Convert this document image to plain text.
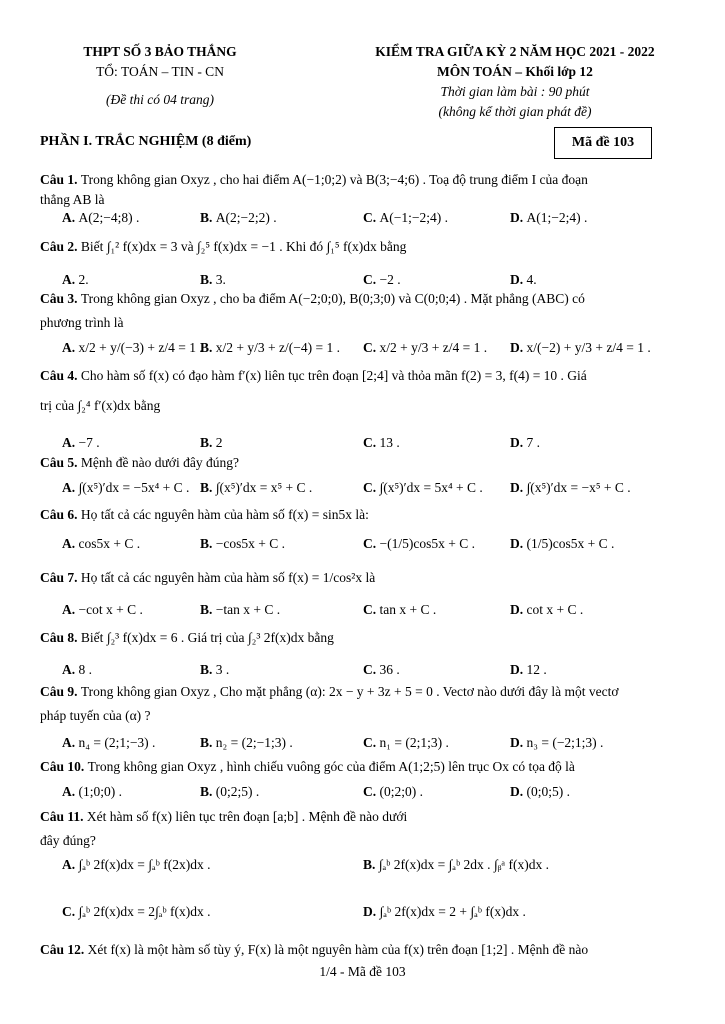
THPT SỐ 3 BẢO THẮNG
TỔ: TOÁN – TIN - CN
(Đề thi có 04 trang)
KIỂM TRA GIỮA KỲ 2 NĂM HỌC 2021 - 2022
MÔN TOÁN – Khối lớp 12
Thời gian làm bài : 90 phút
(không kể thời gian phát đề)
PHẦN I. TRẮC NGHIỆM (8 điểm)	Mã đề 103
Câu 1. Trong không gian Oxyz , cho hai điểm A(−1;0;2) và B(3;−4;6) . Toạ độ trung điểm I của đoạn
thẳng AB là
A. A(2;−4;8) .	B. A(2;−2;2) .	C. A(−1;−2;4) .	D. A(1;−2;4) .
Câu 2. Biết ∫₁² f(x)dx = 3 và ∫₂⁵ f(x)dx = −1 . Khi đó ∫₁⁵ f(x)dx bằng
A. 2.	B. 3.	C. −2 .	D. 4.
Câu 3. Trong không gian Oxyz , cho ba điểm A(−2;0;0), B(0;3;0) và C(0;0;4) . Mặt phẳng (ABC) có
phương trình là
A. x/2 + y/(−3) + z/4 = 1 .
B. x/2 + y/3 + z/(−4) = 1 . C. x/2 + y/3 + z/4 = 1 . D. x/(−2) + y/3 + z/4 = 1 .
Câu 4. Cho hàm số f(x) có đạo hàm f′(x) liên tục trên đoạn [2;4] và thỏa mãn f(2) = 3, f(4) = 10 . Giá
trị của ∫₂⁴ f′(x)dx bằng
A. −7 .	B. 2	C. 13 .	D. 7 .
Câu 5. Mệnh đề nào dưới đây đúng?
A. ∫(x⁵)′dx = −5x⁴ + C . B. ∫(x⁵)′dx = x⁵ + C .	C. ∫(x⁵)′dx = 5x⁴ + C . D. ∫(x⁵)′dx = −x⁵ + C .
Câu 6. Họ tất cả các nguyên hàm của hàm số f(x) = sin5x là:
A. cos5x + C .	B. −cos5x + C .	C. −(1/5)cos5x + C .	D. (1/5)cos5x + C .
Câu 7. Họ tất cả các nguyên hàm của hàm số f(x) = 1/cos²x là
A. −cot x + C .	B. −tan x + C .	C. tan x + C .	D. cot x + C .
Câu 8. Biết ∫₂³ f(x)dx = 6 . Giá trị của ∫₂³ 2f(x)dx bằng
A. 8 .	B. 3 .	C. 36 .	D. 12 .
Câu 9. Trong không gian Oxyz , Cho mặt phẳng (α): 2x − y + 3z + 5 = 0 . Vectơ nào dưới đây là một vectơ
pháp tuyến của (α) ?
A. n₄ = (2;1;−3) .	B. n₂ = (2;−1;3) .	C. n₁ = (2;1;3) .	D. n₃ = (−2;1;3) .
Câu 10. Trong không gian Oxyz , hình chiếu vuông góc của điểm A(1;2;5) lên trục Ox có tọa độ là
A. (1;0;0) .	B. (0;2;5) .	C. (0;2;0) .	D. (0;0;5) .
Câu 11. Xét hàm số f(x) liên tục trên đoạn [a;b] . Mệnh đề nào dưới
đây đúng?
A. ∫ₐᵇ 2f(x)dx = ∫ₐᵇ f(2x)dx .	B. ∫ₐᵇ 2f(x)dx = ∫ₐᵇ 2dx . ∫ᵦᵃ f(x)dx .
C. ∫ₐᵇ 2f(x)dx = 2∫ₐᵇ f(x)dx .	D. ∫ₐᵇ 2f(x)dx = 2 + ∫ₐᵇ f(x)dx .
Câu 12. Xét f(x) là một hàm số tùy ý, F(x) là một nguyên hàm của f(x) trên đoạn [1;2] . Mệnh đề nào
1/4 - Mã đề 103
